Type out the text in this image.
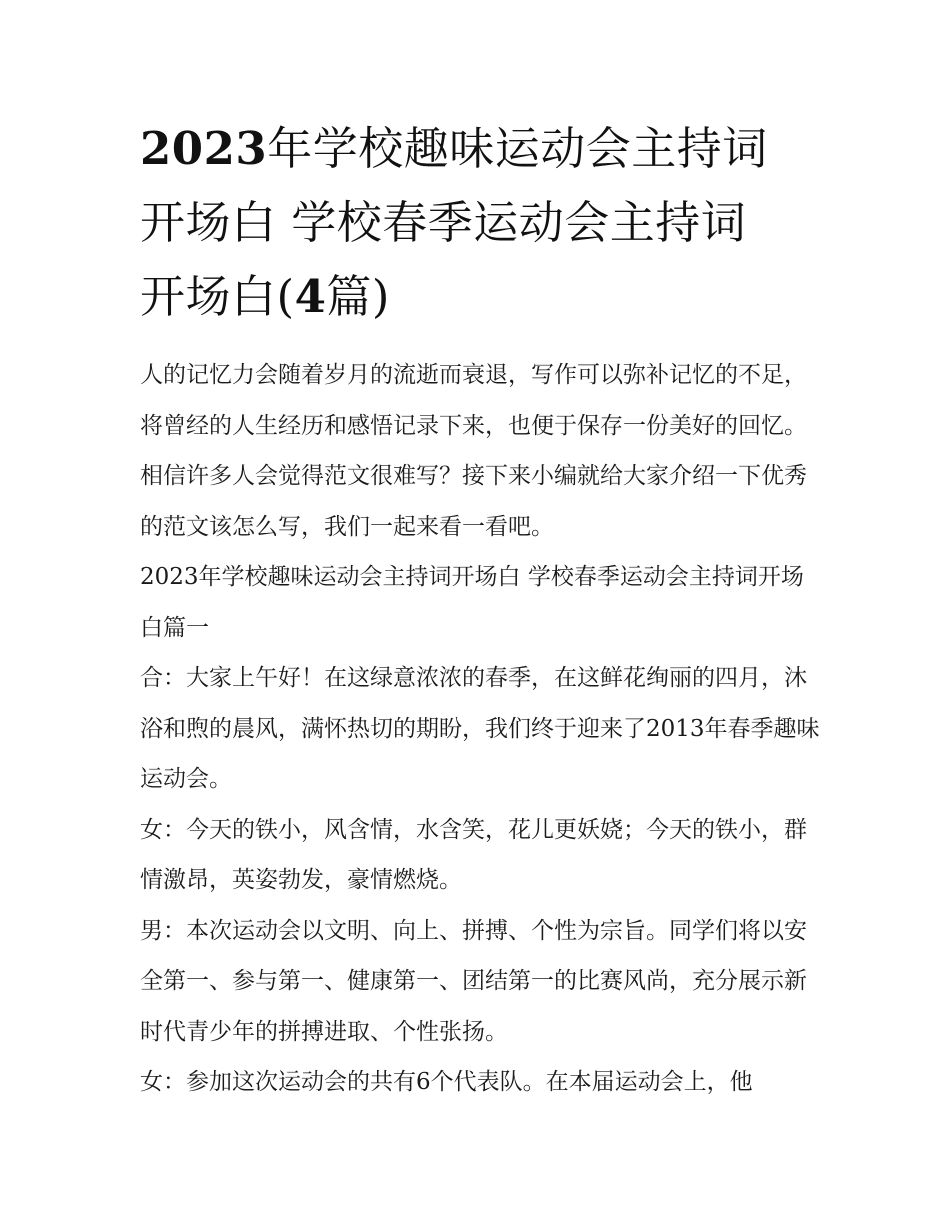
2023年学校趣味运动会主持词
开场白 学校春季运动会主持词
开场白(4篇)

人的记忆力会随着岁月的流逝而衰退，写作可以弥补记忆的不足，将曾经的人生经历和感悟记录下来，也便于保存一份美好的回忆。相信许多人会觉得范文很难写？接下来小编就给大家介绍一下优秀的范文该怎么写，我们一起来看一看吧。

2023年学校趣味运动会主持词开场白 学校春季运动会主持词开场白篇一

合：大家上午好！在这绿意浓浓的春季，在这鲜花绚丽的四月，沐浴和煦的晨风，满怀热切的期盼，我们终于迎来了2013年春季趣味运动会。

女：今天的铁小，风含情，水含笑，花儿更妖娆；今天的铁小，群情激昂，英姿勃发，豪情燃烧。

男：本次运动会以文明、向上、拼搏、个性为宗旨。同学们将以安全第一、参与第一、健康第一、团结第一的比赛风尚，充分展示新时代青少年的拼搏进取、个性张扬。

女：参加这次运动会的共有6个代表队。在本届运动会上，他
